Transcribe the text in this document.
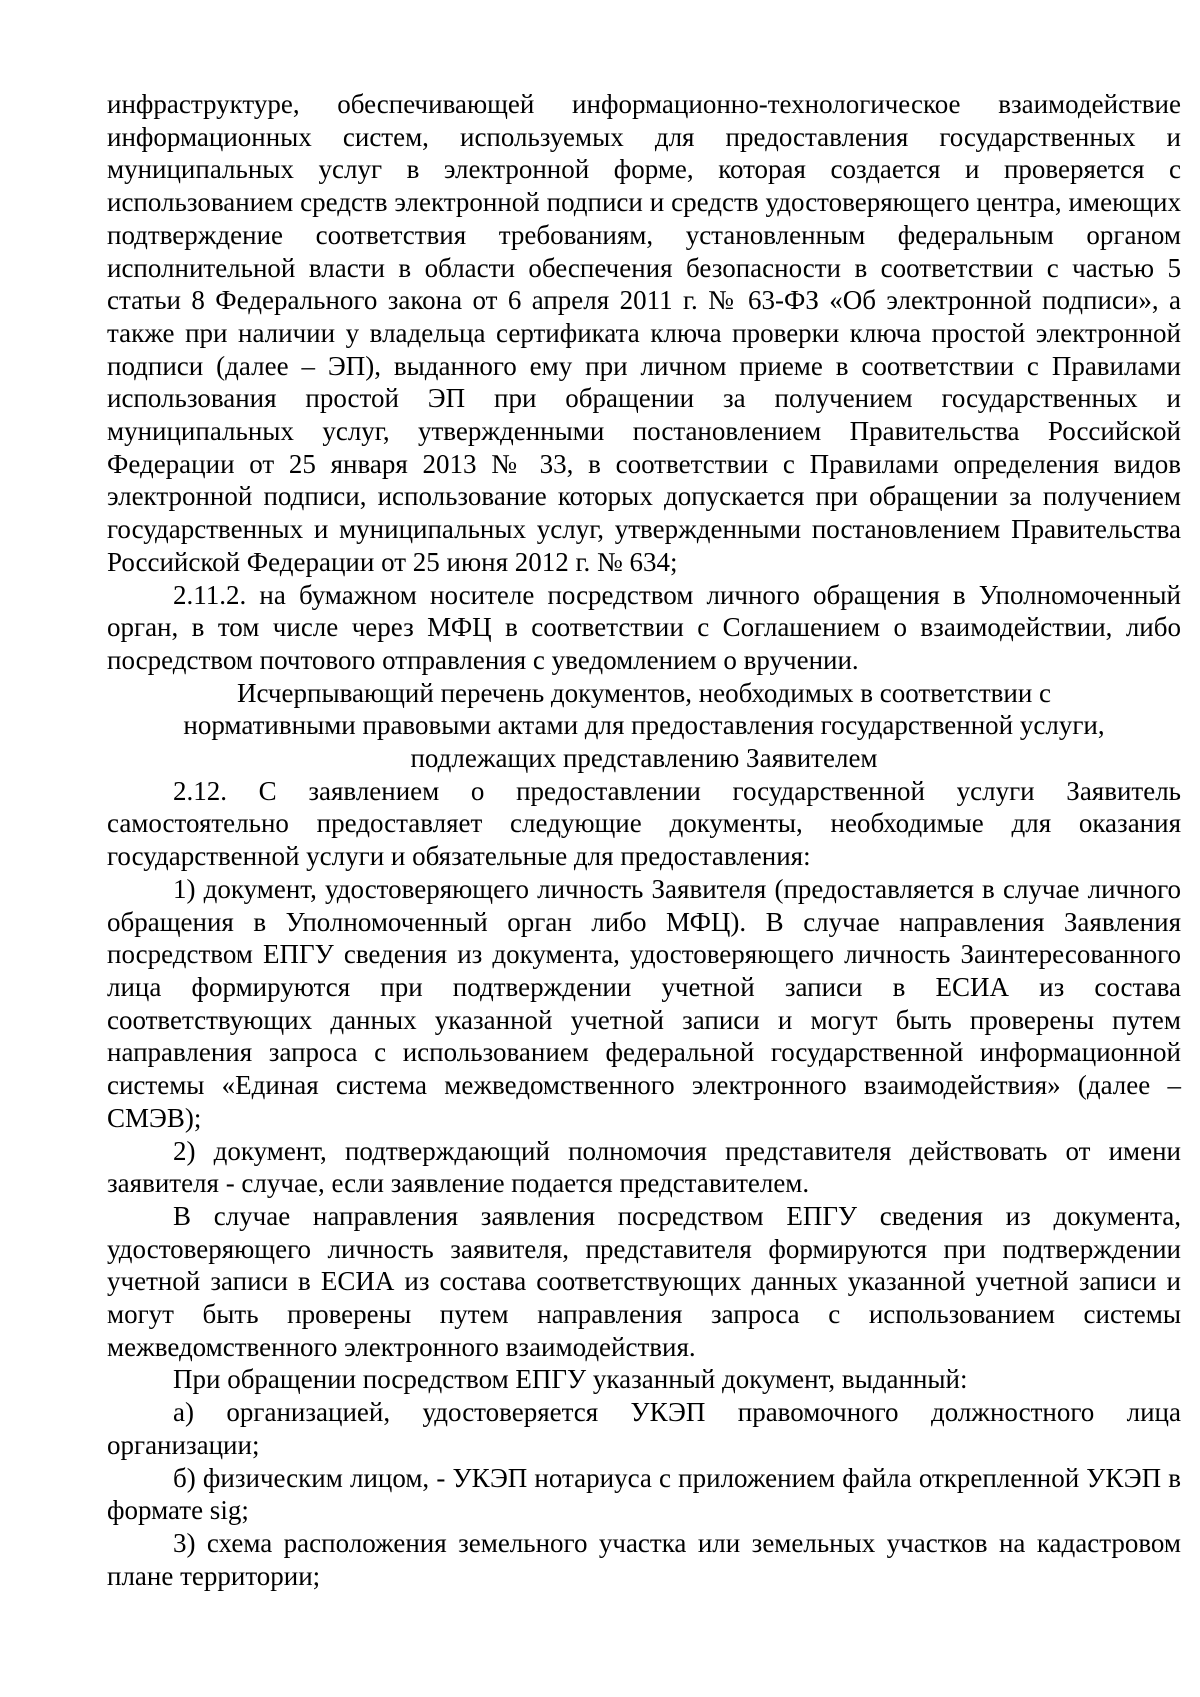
инфраструктуре, обеспечивающей информационно-технологическое взаимодействие информационных систем, используемых для предоставления государственных и муниципальных услуг в электронной форме, которая создается и проверяется с использованием средств электронной подписи и средств удостоверяющего центра, имеющих подтверждение соответствия требованиям, установленным федеральным органом исполнительной власти в области обеспечения безопасности в соответствии с частью 5 статьи 8 Федерального закона от 6 апреля 2011 г. № 63-ФЗ «Об электронной подписи», а также при наличии у владельца сертификата ключа проверки ключа простой электронной подписи (далее – ЭП), выданного ему при личном приеме в соответствии с Правилами использования простой ЭП при обращении за получением государственных и муниципальных услуг, утвержденными постановлением Правительства Российской Федерации от 25 января 2013 № 33, в соответствии с Правилами определения видов электронной подписи, использование которых допускается при обращении за получением государственных и муниципальных услуг, утвержденными постановлением Правительства Российской Федерации от 25 июня 2012 г. № 634;

2.11.2. на бумажном носителе посредством личного обращения в Уполномоченный орган, в том числе через МФЦ в соответствии с Соглашением о взаимодействии, либо посредством почтового отправления с уведомлением о вручении.

Исчерпывающий перечень документов, необходимых в соответствии с
нормативными правовыми актами для предоставления государственной услуги,
подлежащих представлению Заявителем

2.12. С заявлением о предоставлении государственной услуги Заявитель самостоятельно предоставляет следующие документы, необходимые для оказания государственной услуги и обязательные для предоставления:

1) документ, удостоверяющего личность Заявителя (предоставляется в случае личного обращения в Уполномоченный орган либо МФЦ). В случае направления Заявления посредством ЕПГУ сведения из документа, удостоверяющего личность Заинтересованного лица формируются при подтверждении учетной записи в ЕСИА из состава соответствующих данных указанной учетной записи и могут быть проверены путем направления запроса с использованием федеральной государственной информационной системы «Единая система межведомственного электронного взаимодействия» (далее – СМЭВ);

2) документ, подтверждающий полномочия представителя действовать от имени заявителя - случае, если заявление подается представителем.

В случае направления заявления посредством ЕПГУ сведения из документа, удостоверяющего личность заявителя, представителя формируются при подтверждении учетной записи в ЕСИА из состава соответствующих данных указанной учетной записи и могут быть проверены путем направления запроса с использованием системы межведомственного электронного взаимодействия.

При обращении посредством ЕПГУ указанный документ, выданный:

а) организацией, удостоверяется УКЭП правомочного должностного лица организации;

б) физическим лицом, - УКЭП нотариуса с приложением файла открепленной УКЭП в формате sig;

3) схема расположения земельного участка или земельных участков на кадастровом плане территории;
